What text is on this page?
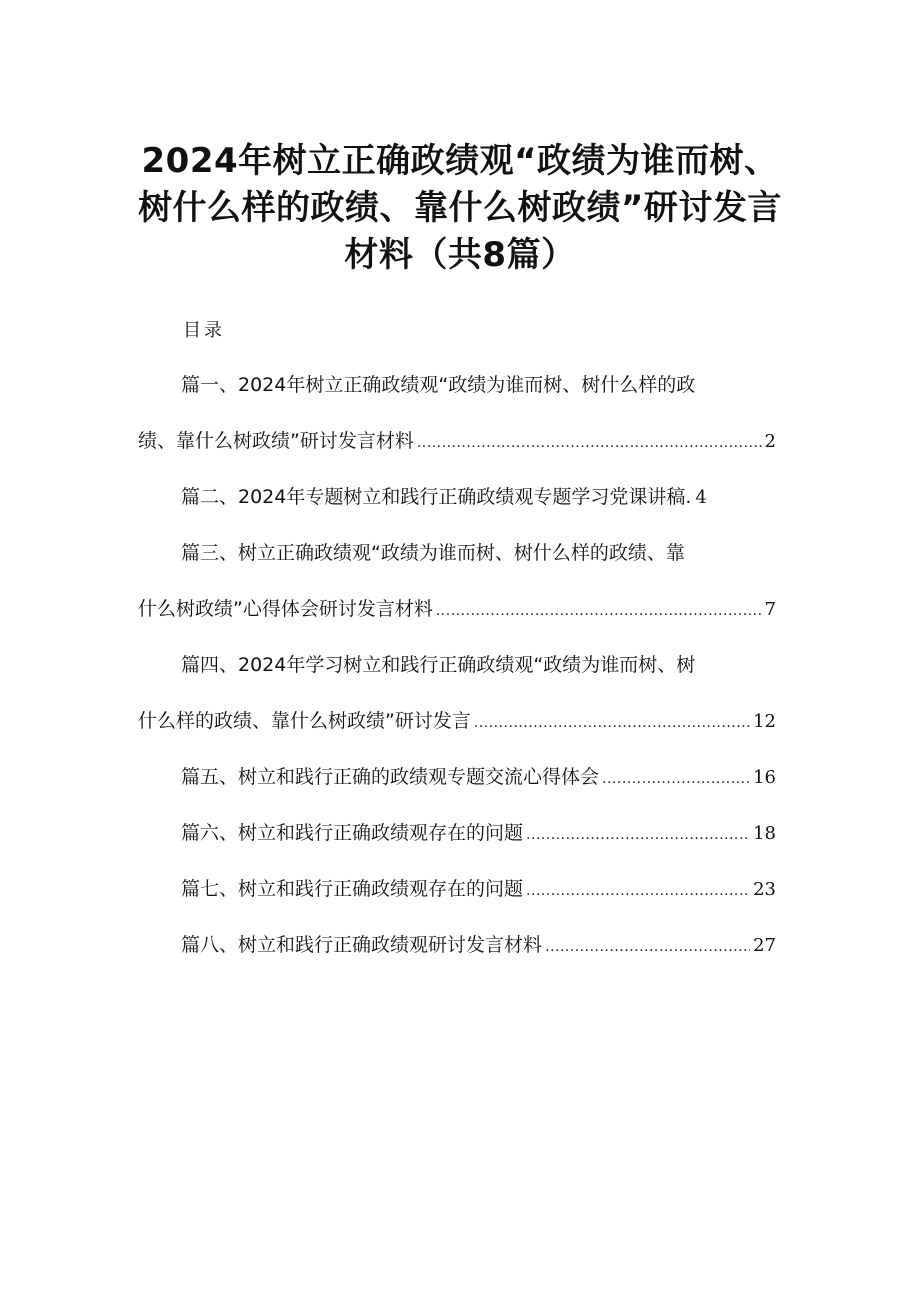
2024年树立正确政绩观“政绩为谁而树、树什么样的政绩、靠什么树政绩”研讨发言材料（共8篇）
目录
篇一、2024年树立正确政绩观“政绩为谁而树、树什么样的政
绩、靠什么树政绩”研讨发言材料 .....	2
篇二、2024年专题树立和践行正确政绩观专题学习党课讲稿. 4
篇三、树立正确政绩观“政绩为谁而树、树什么样的政绩、靠
什么树政绩”心得体会研讨发言材料 .....	7
篇四、2024年学习树立和践行正确政绩观“政绩为谁而树、树
什么样的政绩、靠什么树政绩”研讨发言 .....	12
篇五、树立和践行正确的政绩观专题交流心得体会 .....	16
篇六、树立和践行正确政绩观存在的问题 .....	18
篇七、树立和践行正确政绩观存在的问题 .....	23
篇八、树立和践行正确政绩观研讨发言材料 .....	27
